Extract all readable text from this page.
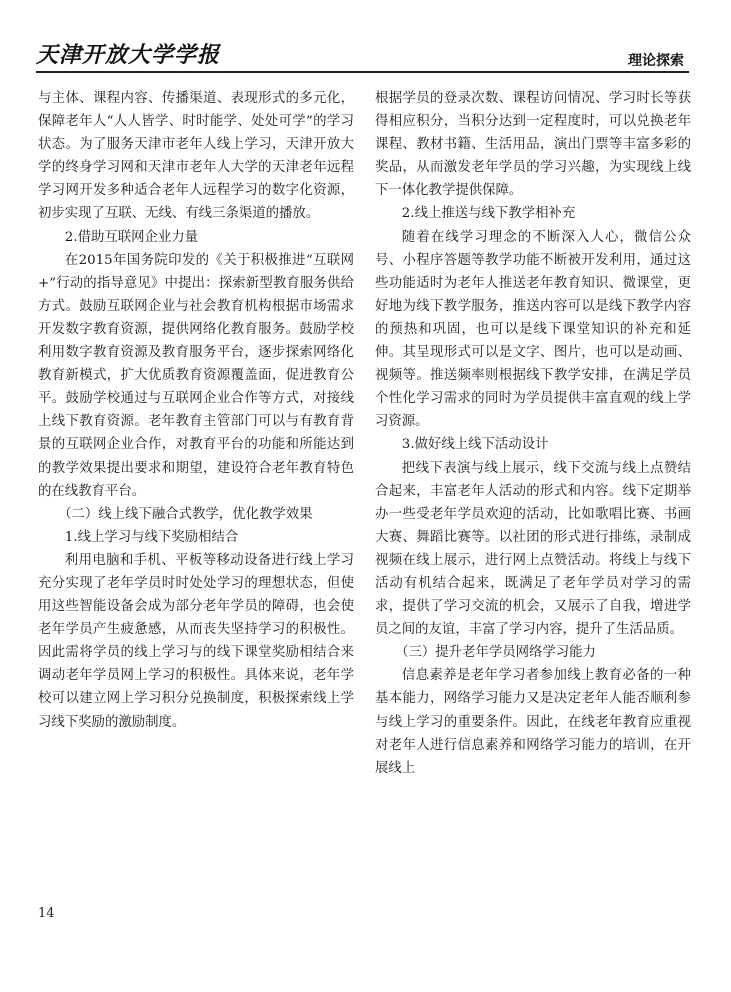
天津开放大学学报	理论探索

与主体、课程内容、传播渠道、表现形式的多元化，保障老年人“人人皆学、时时能学、处处可学”的学习状态。为了服务天津市老年人线上学习，天津开放大学的终身学习网和天津市老年人大学的天津老年远程学习网开发多种适合老年人远程学习的数字化资源，初步实现了互联、无线、有线三条渠道的播放。

2.借助互联网企业力量

在2015年国务院印发的《关于积极推进“互联网+”行动的指导意见》中提出：探索新型教育服务供给方式。鼓励互联网企业与社会教育机构根据市场需求开发数字教育资源，提供网络化教育服务。鼓励学校利用数字教育资源及教育服务平台，逐步探索网络化教育新模式，扩大优质教育资源覆盖面，促进教育公平。鼓励学校通过与互联网企业合作等方式，对接线上线下教育资源。老年教育主管部门可以与有教育背景的互联网企业合作，对教育平台的功能和所能达到的教学效果提出要求和期望，建设符合老年教育特色的在线教育平台。

（二）线上线下融合式教学，优化教学效果

1.线上学习与线下奖励相结合

利用电脑和手机、平板等移动设备进行线上学习充分实现了老年学员时时处处学习的理想状态，但使用这些智能设备会成为部分老年学员的障碍，也会使老年学员产生疲惫感，从而丧失坚持学习的积极性。因此需将学员的线上学习与的线下课堂奖励相结合来调动老年学员网上学习的积极性。具体来说，老年学校可以建立网上学习积分兑换制度，积极探索线上学习线下奖励的激励制度。

根据学员的登录次数、课程访问情况、学习时长等获得相应积分，当积分达到一定程度时，可以兑换老年课程、教材书籍、生活用品，演出门票等丰富多彩的奖品，从而激发老年学员的学习兴趣，为实现线上线下一体化教学提供保障。

2.线上推送与线下教学相补充

随着在线学习理念的不断深入人心，微信公众号、小程序答题等教学功能不断被开发利用，通过这些功能适时为老年人推送老年教育知识、微课堂，更好地为线下教学服务，推送内容可以是线下教学内容的预热和巩固，也可以是线下课堂知识的补充和延伸。其呈现形式可以是文字、图片，也可以是动画、视频等。推送频率则根据线下教学安排，在满足学员个性化学习需求的同时为学员提供丰富直观的线上学习资源。

3.做好线上线下活动设计

把线下表演与线上展示，线下交流与线上点赞结合起来，丰富老年人活动的形式和内容。线下定期举办一些受老年学员欢迎的活动，比如歌唱比赛、书画大赛、舞蹈比赛等。以社团的形式进行排练，录制成视频在线上展示，进行网上点赞活动。将线上与线下活动有机结合起来，既满足了老年学员对学习的需求，提供了学习交流的机会，又展示了自我，增进学员之间的友谊，丰富了学习内容，提升了生活品质。

（三）提升老年学员网络学习能力

信息素养是老年学习者参加线上教育必备的一种基本能力，网络学习能力又是决定老年人能否顺利参与线上学习的重要条件。因此，在线老年教育应重视对老年人进行信息素养和网络学习能力的培训，在开展线上

14
